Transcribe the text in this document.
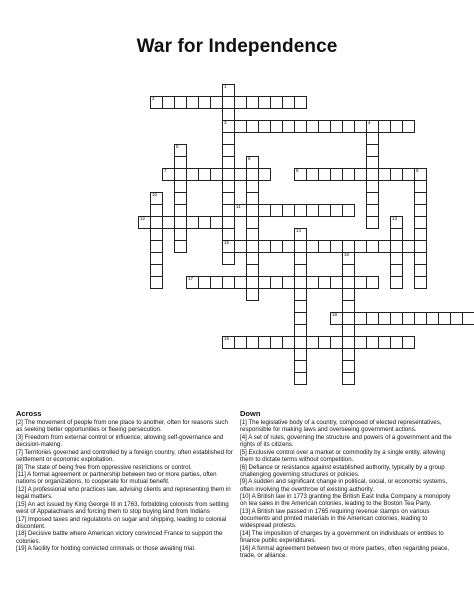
War for Independence
1
3
15
2
4
5
6
7	8	9
10
11
12	13
14
16
17
18
19
Across
[2] The movement of people from one place to another, often for reasons such as seeking better opportunities or fleeing persecution.
[3] Freedom from external control or influence, allowing self-governance and decision-making.
[7] Territories governed and controlled by a foreign country, often established for settlement or economic exploitation.
[8] The state of being free from oppressive restrictions or control.
[11] A formal agreement or partnership between two or more parties, often nations or organizations, to cooperate for mutual benefit.
[12] A professional who practices law, advising clients and representing them in legal matters.
[15] An act issued by King George III in 1763, forbidding colonists from settling west of Appalachians and forcing them to stop buying land from Indians
[17] Imposed taxes and regulations on sugar and shipping, leading to colonial discontent.
[18] Decisive battle where American victory convinced France to support the colonies.
[19] A facility for holding convicted criminals or those awaiting trial.
Down
[1] The legislative body of a country, composed of elected representatives, responsible for making laws and overseeing government actions.
[4] A set of rules, governing the structure and powers of a government and the rights of its citizens.
[5] Exclusive control over a market or commodity by a single entity, allowing them to dictate terms without competition.
[6] Defiance or resistance against established authority, typically by a group challenging governing structures or policies.
[9] A sudden and significant change in political, social, or economic systems, often involving the overthrow of existing authority.
[10] A British law in 1773 granting the British East India Company a monopoly on tea sales in the American colonies, leading to the Boston Tea Party.
[13] A British law passed in 1765 requiring revenue stamps on various documents and printed materials in the American colonies, leading to widespread protests.
[14] The imposition of charges by a government on individuals or entities to finance public expenditures.
[16] A formal agreement between two or more parties, often regarding peace, trade, or alliance.
